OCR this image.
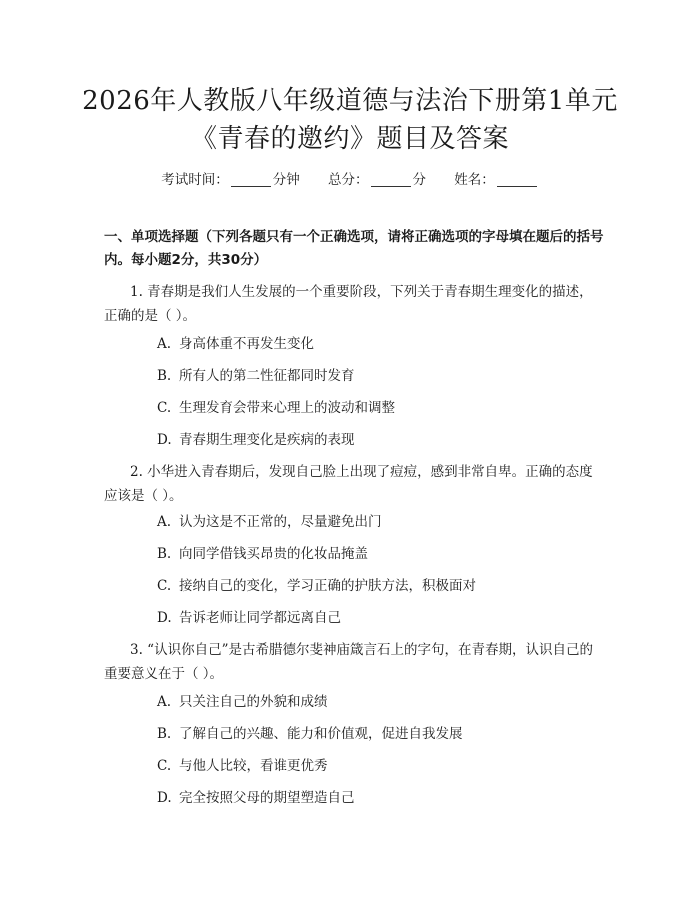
2026年人教版八年级道德与法治下册第1单元《青春的邀约》题目及答案
考试时间：	分钟 总分：	分 姓名：
一、单项选择题（下列各题只有一个正确选项，请将正确选项的字母填在题后的括号内。每小题2分，共30分）
1. 青春期是我们人生发展的一个重要阶段，下列关于青春期生理变化的描述，正确的是（ ）。
A. 身高体重不再发生变化
B. 所有人的第二性征都同时发育
C. 生理发育会带来心理上的波动和调整
D. 青春期生理变化是疾病的表现
2. 小华进入青春期后，发现自己脸上出现了痘痘，感到非常自卑。正确的态度应该是（ ）。
A. 认为这是不正常的，尽量避免出门
B. 向同学借钱买昂贵的化妆品掩盖
C. 接纳自己的变化，学习正确的护肤方法，积极面对
D. 告诉老师让同学都远离自己
3. “认识你自己”是古希腊德尔斐神庙箴言石上的字句，在青春期，认识自己的重要意义在于（ ）。
A. 只关注自己的外貌和成绩
B. 了解自己的兴趣、能力和价值观，促进自我发展
C. 与他人比较，看谁更优秀
D. 完全按照父母的期望塑造自己
